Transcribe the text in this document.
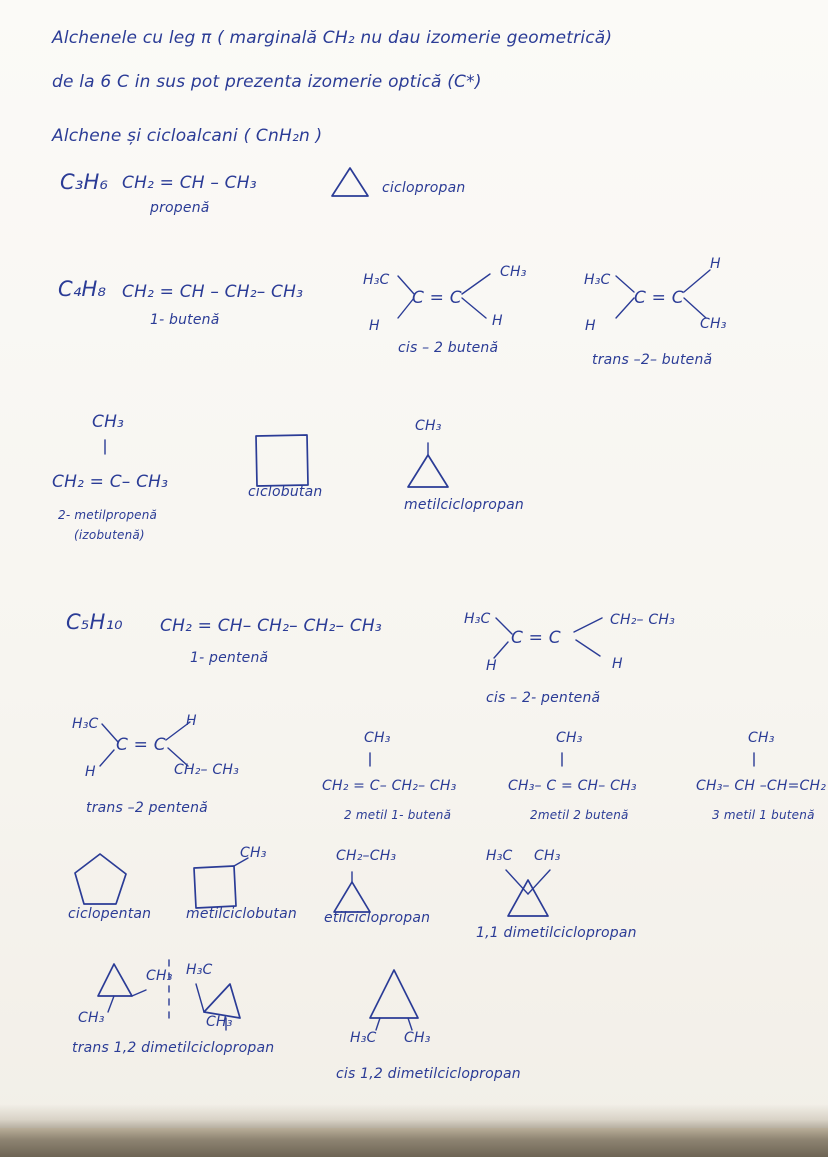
Alchenele cu leg π ( marginală CH₂ nu dau izomerie geometrică)
de la 6 C in sus pot prezenta izomerie optică (C*)
Alchene și cicloalcani ( CnH₂n )
C₃H₆ CH₂ = CH – CH₃
propenă
ciclopropan
C₄H₈ CH₂ = CH – CH₂– CH₃
1- butenă
H₃C
H
C = C
CH₃
H
cis – 2 butenă
H₃C
H
C = C
H
CH₃
trans –2– butenă
CH₃
CH₂ = C– CH₃
2- metilpropenă
(izobutenă)
ciclobutan
CH₃
metilciclopropan
C₅H₁₀ CH₂ = CH– CH₂– CH₂– CH₃
1- pentenă
H₃C
H
C = C
CH₂– CH₃
H
cis – 2- pentenă
H₃C
H
C = C
H
CH₂– CH₃
trans –2 pentenă
CH₃
CH₂ = C– CH₂– CH₃
2 metil 1- butenă
CH₃
CH₃– C = CH– CH₃
2metil 2 butenă
CH₃
CH₃– CH –CH=CH₂
3 metil 1 butenă
ciclopentan
CH₃
metilciclobutan
CH₂–CH₃
etilciclopropan
H₃C CH₃
1,1 dimetilciclopropan
CH₃
CH₃
H₃C
CH₃
trans 1,2 dimetilciclopropan
H₃C CH₃
cis 1,2 dimetilciclopropan
